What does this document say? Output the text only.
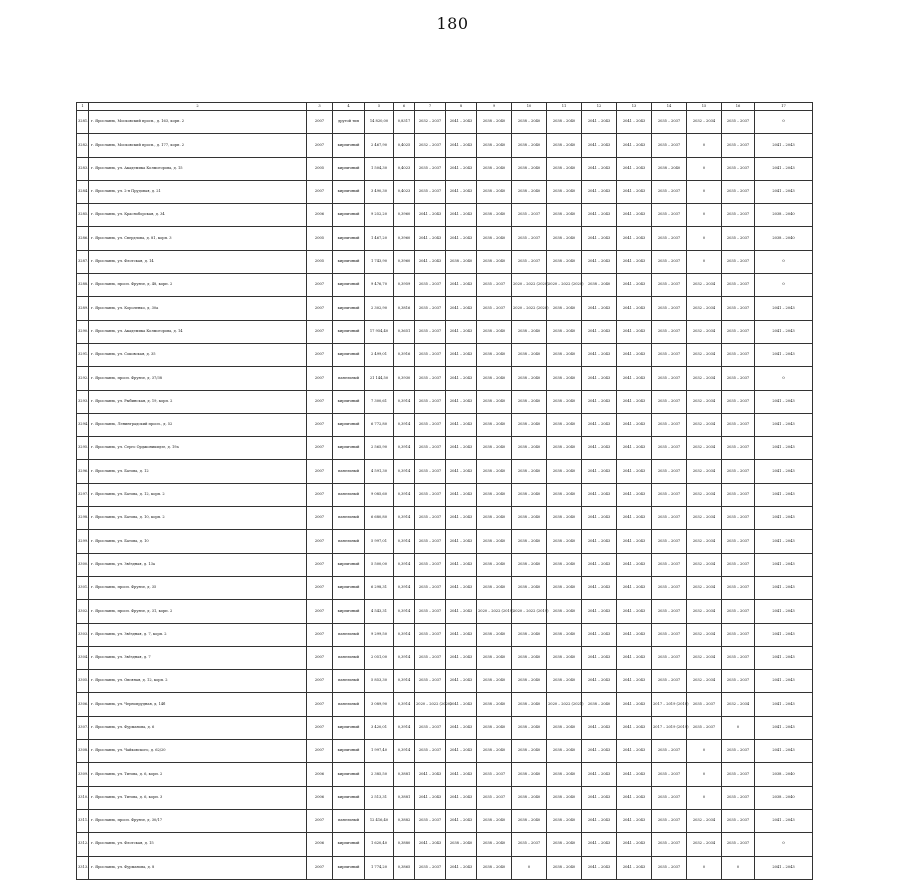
180
1	2	3	4	5	6	7	8	9	10	11	12	13	14	15	16	17
3281.	г. Ярославль, Московский просп., д. 163, корп. 2	2007	другой тип	14 820,00	0,8317	2032 – 2037	2041 – 2043	2038 – 2040	2038 – 2040	2038 – 2040	2041 – 2043	2041 – 2043	2035 – 2037	2032 – 2034	2035 – 2037	0
3282.	г. Ярославль, Московский просп., д. 177, корп. 2	2007	кирпичный	2 467,90	0,4025	2032 – 2037	2041 – 2043	2038 – 2040	2038 – 2040	2038 – 2040	2041 – 2043	2041 – 2043	2035 – 2037	0	2035 – 2037	2041 – 2043
3283.	г. Ярославль, ул. Академика Колмогорова, д. 15	2005	кирпичный	1 504,30	0,4023	2035 – 2037	2041 – 2043	2038 – 2040	2038 – 2040	2038 – 2040	2041 – 2043	2041 – 2043	2038 – 2040	0	2035 – 2037	2041 – 2043
3284.	г. Ярославль, ул. 2-я Прудовая, д. 21	2007	кирпичный	3 490,30	0,4023	2035 – 2037	2041 – 2043	2038 – 2040	2038 – 2040	2038 – 2040	2041 – 2043	2041 – 2043	2035 – 2037	0	2035 – 2037	2041 – 2043
3285.	г. Ярославль, ул. Красноборская, д. 34	2006	кирпичный	9 252,20	0,3960	2041 – 2043	2041 – 2043	2038 – 2040	2035 – 2037	2038 – 2040	2041 – 2043	2041 – 2043	2035 – 2037	0	2035 – 2037	2038 – 2040
3286.	г. Ярославль, ул. Свердлова, д. 81, корп. 3	2005	кирпичный	1 467,20	0,3960	2041 – 2043	2041 – 2043	2038 – 2040	2035 – 2037	2038 – 2040	2041 – 2043	2041 – 2043	2035 – 2037	0	2035 – 2037	2038 – 2040
3287.	г. Ярославль, ул. Флотская, д. 14	2005	кирпичный	1 743,90	0,3960	2041 – 2043	2038 – 2040	2038 – 2040	2035 – 2037	2038 – 2040	2041 – 2043	2041 – 2043	2035 – 2037	0	2035 – 2037	0
3288.	г. Ярославль, просп. Фрунзе, д. 48, корп. 2	2007	кирпичный	9 476,70	0,3959	2035 – 2037	2041 – 2043	2035 – 2037	2020 – 2022 (2020)	2020 – 2022 (2020)	2038 – 2040	2041 – 2043	2035 – 2037	2032 – 2034	2035 – 2037	0
3289.	г. Ярославль, ул. Короленко, д. 30а	2007	кирпичный	2 302,90	0,3816	2035 – 2037	2041 – 2043	2035 – 2037	2020 – 2022 (2020)	2038 – 2040	2041 – 2043	2041 – 2043	2035 – 2037	2032 – 2034	2035 – 2037	2041 – 2043
3290.	г. Ярославль, ул. Академика Колмогорова, д. 14	2007	кирпичный	17 954,40	0,3651	2035 – 2037	2041 – 2043	2038 – 2040	2038 – 2040	2038 – 2040	2041 – 2043	2041 – 2043	2035 – 2037	2032 – 2034	2035 – 2037	2041 – 2043
3291.	г. Ярославль, ул. Соковская, д. 35	2007	кирпичный	2 499,01	0,3916	2035 – 2037	2041 – 2043	2038 – 2040	2038 – 2040	2038 – 2040	2041 – 2043	2041 – 2043	2035 – 2037	2032 – 2034	2035 – 2037	2041 – 2043
3292.	г. Ярославль, просп. Фрунзе, д. 37/38	2007	панельный	21 144,50	0,3930	2035 – 2037	2041 – 2043	2038 – 2040	2038 – 2040	2038 – 2040	2041 – 2043	2041 – 2043	2035 – 2037	2032 – 2034	2035 – 2037	0
3293.	г. Ярославль, ул. Рыбинская, д. 19, корп. 2	2007	кирпичный	7 300,61	0,3914	2035 – 2037	2041 – 2043	2038 – 2040	2038 – 2040	2038 – 2040	2041 – 2043	2041 – 2043	2035 – 2037	2032 – 2034	2035 – 2037	2041 – 2043
3294.	г. Ярославль, Ленинградский просп., д. 52	2007	кирпичный	6 772,80	0,3914	2035 – 2037	2041 – 2043	2038 – 2040	2038 – 2040	2038 – 2040	2041 – 2043	2041 – 2043	2035 – 2037	2032 – 2034	2035 – 2037	2041 – 2043
3295.	г. Ярославль, ул. Серго Орджоникидзе, д. 19а	2007	кирпичный	2 565,90	0,3914	2035 – 2037	2041 – 2043	2038 – 2040	2038 – 2040	2038 – 2040	2041 – 2043	2041 – 2043	2035 – 2037	2032 – 2034	2035 – 2037	2041 – 2043
3296.	г. Ярославль, ул. Батова, д. 12	2007	панельный	4 591,30	0,3914	2035 – 2037	2041 – 2043	2038 – 2040	2038 – 2040	2038 – 2040	2041 – 2043	2041 – 2043	2035 – 2037	2032 – 2034	2035 – 2037	2041 – 2043
3297.	г. Ярославль, ул. Батова, д. 12, корп. 2	2007	панельный	9 085,60	0,3914	2035 – 2037	2041 – 2043	2038 – 2040	2038 – 2040	2038 – 2040	2041 – 2043	2041 – 2043	2035 – 2037	2032 – 2034	2035 – 2037	2041 – 2043
3298.	г. Ярославль, ул. Батова, д. 10, корп. 2	2007	панельный	6 680,80	0,3914	2035 – 2037	2041 – 2043	2038 – 2040	2038 – 2040	2038 – 2040	2041 – 2043	2041 – 2043	2035 – 2037	2032 – 2034	2035 – 2037	2041 – 2043
3299.	г. Ярославль, ул. Батова, д. 10	2007	панельный	5 997,01	0,3914	2035 – 2037	2041 – 2043	2038 – 2040	2038 – 2040	2038 – 2040	2041 – 2043	2041 – 2043	2035 – 2037	2032 – 2034	2035 – 2037	2041 – 2043
3300.	г. Ярославль, ул. Звёздная, д. 13а	2007	кирпичный	5 500,00	0,3914	2035 – 2037	2041 – 2043	2038 – 2040	2038 – 2040	2038 – 2040	2041 – 2043	2041 – 2043	2035 – 2037	2032 – 2034	2035 – 2037	2041 – 2043
3301.	г. Ярославль, просп. Фрунзе, д. 35	2007	кирпичный	6 298,31	0,3914	2035 – 2037	2041 – 2043	2038 – 2040	2038 – 2040	2038 – 2040	2041 – 2043	2041 – 2043	2035 – 2037	2032 – 2034	2035 – 2037	2041 – 2043
3302.	г. Ярославль, просп. Фрунзе, д. 31, корп. 2	2007	кирпичный	4 543,31	0,3914	2035 – 2037	2041 – 2043	2020 – 2022 (2019)	2020 – 2022 (2019)	2038 – 2040	2041 – 2043	2041 – 2043	2035 – 2037	2032 – 2034	2035 – 2037	2041 – 2043
3303.	г. Ярославль, ул. Звёздная, д. 7, корп. 2	2007	панельный	9 299,50	0,3914	2035 – 2037	2041 – 2043	2038 – 2040	2038 – 2040	2038 – 2040	2041 – 2043	2041 – 2043	2035 – 2037	2032 – 2034	2035 – 2037	2041 – 2043
3304.	г. Ярославль, ул. Звёздная, д. 7	2007	панельный	2 051,00	0,3914	2035 – 2037	2041 – 2043	2038 – 2040	2038 – 2040	2038 – 2040	2041 – 2043	2041 – 2043	2035 – 2037	2032 – 2034	2035 – 2037	2041 – 2043
3305.	г. Ярославль, ул. Овсяная, д. 12, корп. 2	2007	панельный	5 853,30	0,3914	2035 – 2037	2041 – 2043	2038 – 2040	2038 – 2040	2038 – 2040	2041 – 2043	2041 – 2043	2035 – 2037	2032 – 2034	2035 – 2037	2041 – 2043
3306.	г. Ярославль, ул. Чернопрудная, д. 14б	2007	панельный	3 089,90	0,3914	2020 – 2022 (2020)	2041 – 2043	2038 – 2040	2038 – 2040	2020 – 2022 (2021)	2038 – 2040	2041 – 2043	2017 – 2019 (2018)	2035 – 2037	2032 – 2034	2041 – 2043
3307.	г. Ярославль, ул. Фурманова, д. 6	2007	кирпичный	3 420,01	0,3914	2035 – 2037	2041 – 2043	2038 – 2040	2038 – 2040	2038 – 2040	2041 – 2043	2041 – 2043	2017 – 2019 (2019)	2035 – 2037	0	2041 – 2043
3308.	г. Ярославль, ул. Чайковского, д. 62/20	2007	кирпичный	1 997,40	0,3914	2035 – 2037	2041 – 2043	2038 – 2040	2038 – 2040	2038 – 2040	2041 – 2043	2041 – 2043	2035 – 2037	0	2035 – 2037	2041 – 2043
3309.	г. Ярославль, ул. Титова, д. 6, корп. 2	2006	кирпичный	2 385,50	0,3881	2041 – 2043	2041 – 2043	2035 – 2037	2038 – 2040	2038 – 2040	2041 – 2043	2041 – 2043	2035 – 2037	0	2035 – 2037	2038 – 2040
3310.	г. Ярославль, ул. Титова, д. 6, корп. 3	2006	кирпичный	2 513,31	0,3881	2041 – 2043	2041 – 2043	2035 – 2037	2038 – 2040	2038 – 2040	2041 – 2043	2041 – 2043	2035 – 2037	0	2035 – 2037	2038 – 2040
3311.	г. Ярославль, просп. Фрунзе, д. 30/17	2007	панельный	12 416,40	0,3882	2035 – 2037	2041 – 2043	2038 – 2040	2038 – 2040	2038 – 2040	2041 – 2043	2041 – 2043	2035 – 2037	2032 – 2034	2035 – 2037	2041 – 2043
3312.	г. Ярославль, ул. Флотская, д. 15	2006	кирпичный	1 620,40	0,3880	2041 – 2043	2038 – 2040	2038 – 2040	2035 – 2037	2038 – 2040	2041 – 2043	2041 – 2043	2035 – 2037	2032 – 2034	2035 – 2037	0
3313.	г. Ярославль, ул. Фурманова, д. 8	2007	кирпичный	1 774,20	0,3865	2035 – 2037	2041 – 2043	2038 – 2040	0	2038 – 2040	2041 – 2043	2041 – 2043	2035 – 2037	0	0	2041 – 2043
